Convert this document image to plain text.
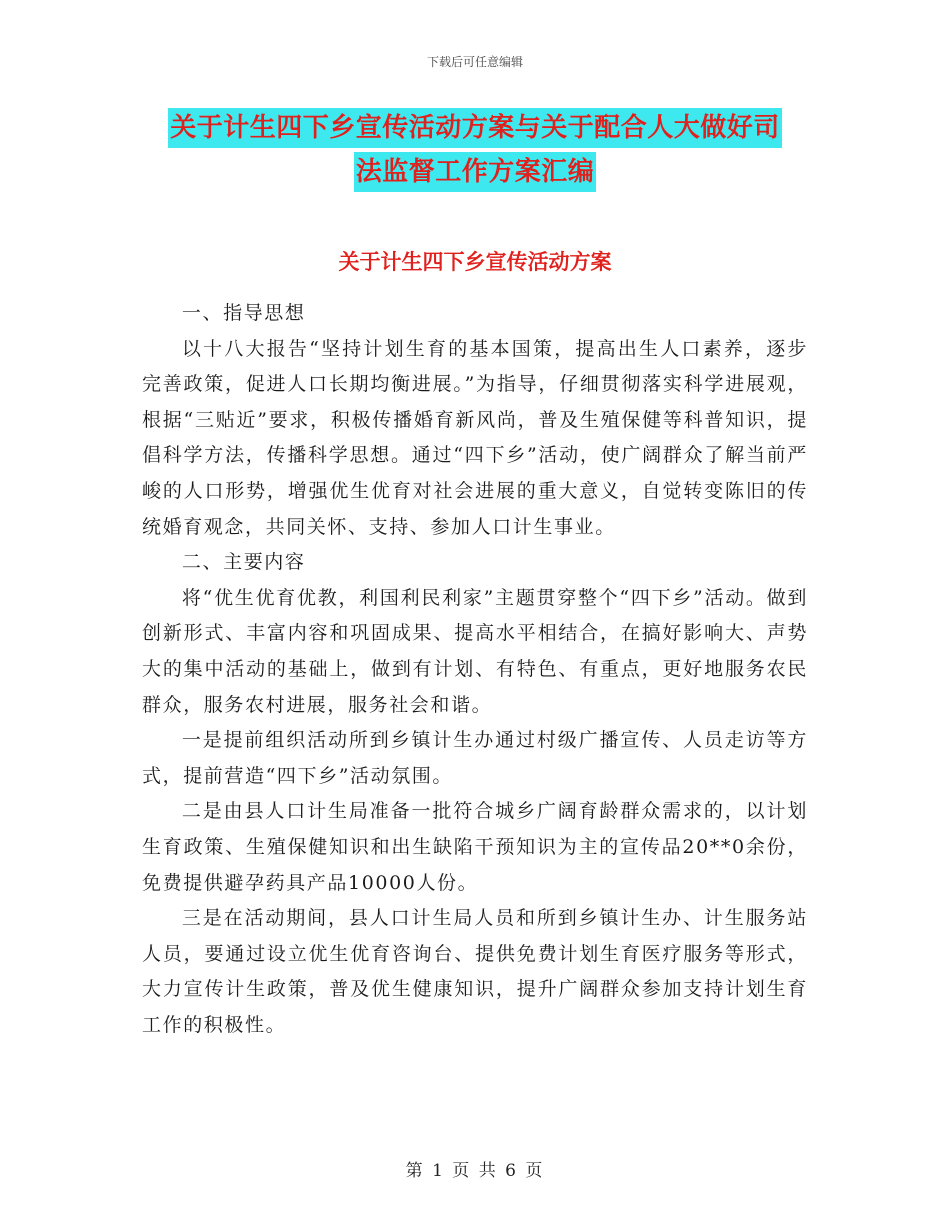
下载后可任意编辑
关于计生四下乡宣传活动方案与关于配合人大做好司
法监督工作方案汇编
关于计生四下乡宣传活动方案

一、指导思想

以十八大报告“坚持计划生育的基本国策，提高出生人口素养，逐步完善政策，促进人口长期均衡进展。”为指导，仔细贯彻落实科学进展观，根据“三贴近”要求，积极传播婚育新风尚，普及生殖保健等科普知识，提倡科学方法，传播科学思想。通过“四下乡”活动，使广阔群众了解当前严峻的人口形势，增强优生优育对社会进展的重大意义，自觉转变陈旧的传统婚育观念，共同关怀、支持、参加人口计生事业。

二、主要内容

将“优生优育优教，利国利民利家”主题贯穿整个“四下乡”活动。做到创新形式、丰富内容和巩固成果、提高水平相结合，在搞好影响大、声势大的集中活动的基础上，做到有计划、有特色、有重点，更好地服务农民群众，服务农村进展，服务社会和谐。

一是提前组织活动所到乡镇计生办通过村级广播宣传、人员走访等方式，提前营造“四下乡”活动氛围。

二是由县人口计生局准备一批符合城乡广阔育龄群众需求的，以计划生育政策、生殖保健知识和出生缺陷干预知识为主的宣传品20**0余份，免费提供避孕药具产品10000人份。

三是在活动期间，县人口计生局人员和所到乡镇计生办、计生服务站人员，要通过设立优生优育咨询台、提供免费计划生育医疗服务等形式，大力宣传计生政策，普及优生健康知识，提升广阔群众参加支持计划生育工作的积极性。

第 1 页 共 6 页
